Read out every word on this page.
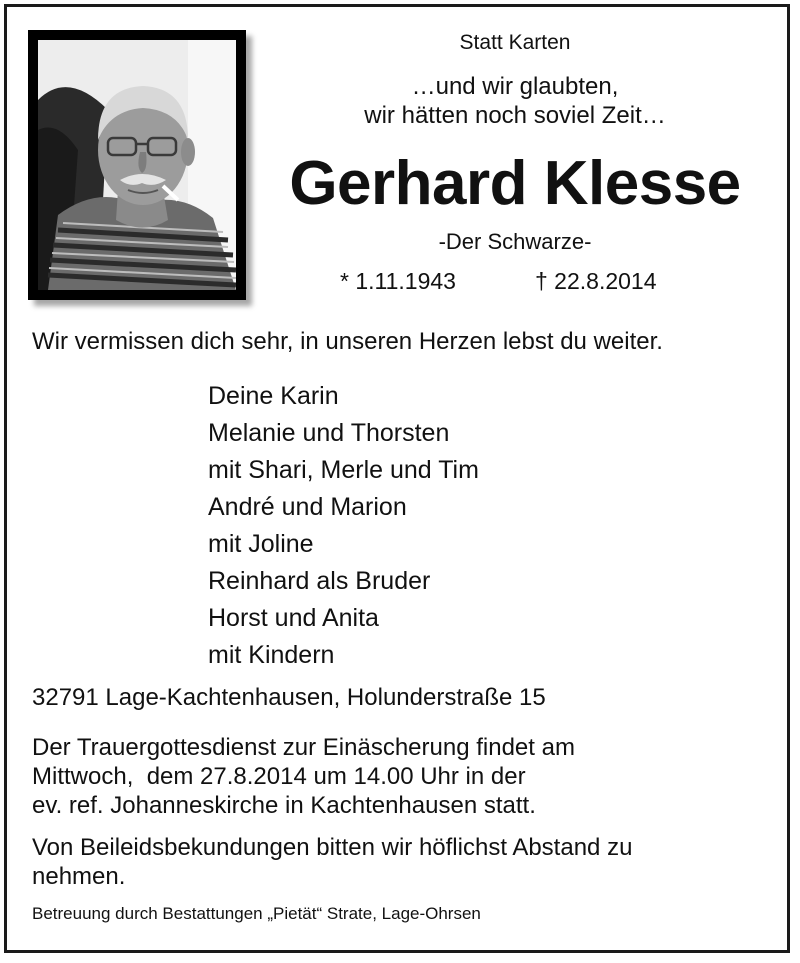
Statt Karten
…und wir glaubten,
wir hätten noch soviel Zeit…
Gerhard Klesse
-Der Schwarze-
* 1.11.1943	† 22.8.2014
Wir vermissen dich sehr, in unseren Herzen lebst du weiter.
Deine Karin
Melanie und Thorsten
mit Shari, Merle und Tim
André und Marion
mit Joline
Reinhard als Bruder
Horst und Anita
mit Kindern
32791 Lage-Kachtenhausen, Holunderstraße 15
Der Trauergottesdienst zur Einäscherung findet am
Mittwoch,  dem 27.8.2014 um 14.00 Uhr in der
ev. ref. Johanneskirche in Kachtenhausen statt.
Von Beileidsbekundungen bitten wir höflichst Abstand zu
nehmen.
Betreuung durch Bestattungen „Pietät“ Strate, Lage-Ohrsen
